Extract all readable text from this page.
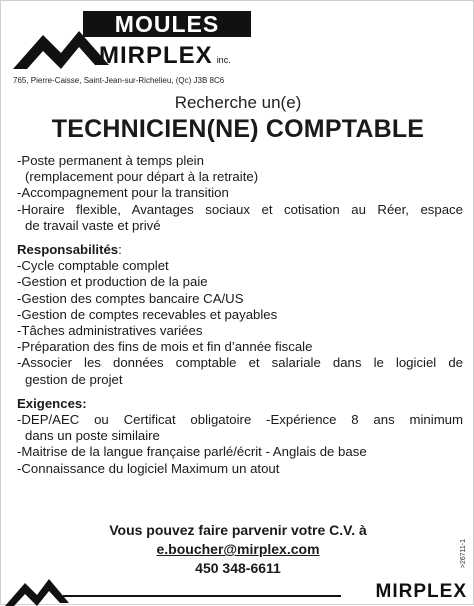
MOULES
MIRPLEX inc.
765, Pierre-Caisse, Saint-Jean-sur-Richelieu, (Qc) J3B 8C6
Recherche un(e)
TECHNICIEN(NE) COMPTABLE
-Poste permanent à temps plein
(remplacement pour départ à la retraite)
-Accompagnement pour la transition
-Horaire flexible, Avantages sociaux et cotisation au Réer, espace
de travail vaste et privé
Responsabilités:
-Cycle comptable complet
-Gestion et production de la paie
-Gestion des comptes bancaire CA/US
-Gestion de comptes recevables et payables
-Tâches administratives variées
-Préparation des fins de mois et fin d’année fiscale
-Associer les données comptable et salariale dans le logiciel de
gestion de projet
Exigences:
-DEP/AEC ou Certificat obligatoire -Expérience 8 ans minimum
dans un poste similaire
-Maitrise de la langue française parlé/écrit - Anglais de base
-Connaissance du logiciel Maximum un atout
Vous pouvez faire parvenir votre C.V. à
e.boucher@mirplex.com
450 348-6611	>26711-1
MIRPLEX
